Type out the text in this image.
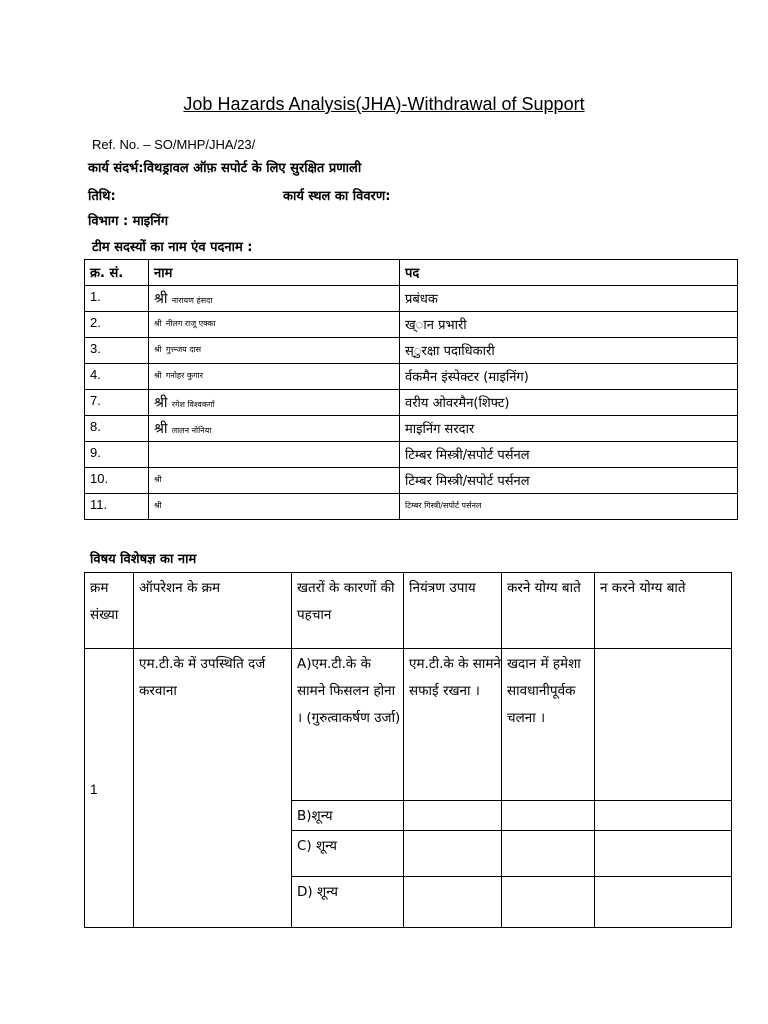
Job Hazards Analysis(JHA)-Withdrawal of Support
Ref. No. – SO/MHP/JHA/23/
कार्य संदर्भ:विथड्रावल ऑफ़ सपोर्ट के लिए सुरक्षित प्रणाली
तिथि:	कार्य स्थल का विवरण:
विभाग : माइनिंग
टीम सदस्यों का नाम एंव पदनाम :
क्र. सं.	नाम	पद
1.	श्री नारायण हंसदा	प्रबंधक
2.	श्री नीलग राजू एक्का	ख्ान प्रभारी
3.	श्री गुत्त्न्जय दास	स्ुरक्षा पदाधिकारी
4.	श्री गनोहर कुगार	र्वकमैन इंस्पेक्टर (माइनिंग)
7.	श्री रगेश विश्वकर्गा	वरीय ओवरमैन(शिफ्ट)
8.	श्री लालन नोनिया	माइनिंग सरदार
9.		टिम्बर मिस्त्री/सपोर्ट पर्सनल
10.	श्री	टिम्बर मिस्त्री/सपोर्ट पर्सनल
11.	श्री	टिम्बर गिस्त्री/सपोर्ट पर्सनल
विषय विशेषज्ञ का नाम
क्रम संख्या	ऑपरेशन के क्रम	खतरों के कारणों की पहचान	नियंत्रण उपाय	करने योग्य बाते	न करने योग्य बाते
1	एम.टी.के में उपस्थिति दर्ज करवाना	A)एम.टी.के के सामने फिसलन होना । (गुरुत्वाकर्षण उर्जा)	एम.टी.के के सामने सफाई रखना ।	खदान में हमेशा सावधानीपूर्वक चलना ।	
		B)शून्य			
		C) शून्य			
		D) शून्य			
